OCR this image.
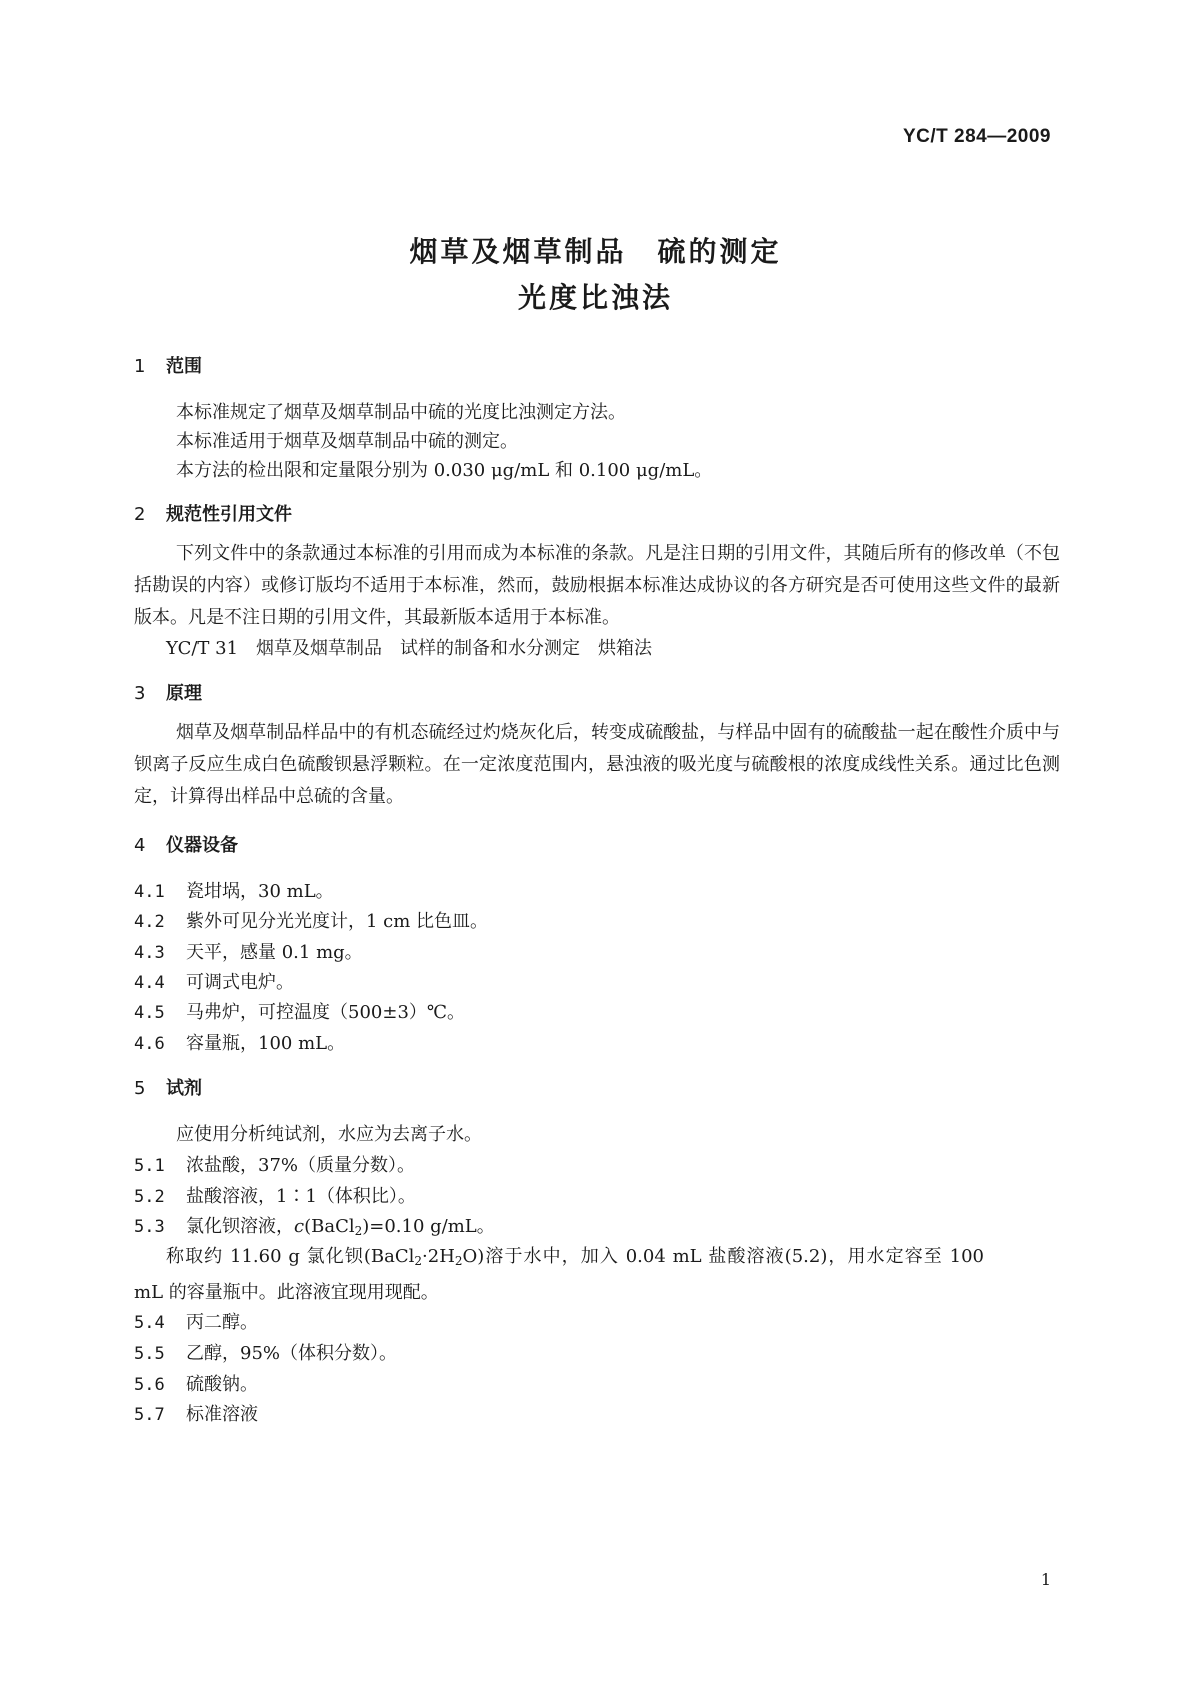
YC/T 284—2009
烟草及烟草制品　硫的测定
光度比浊法
1 范围
本标准规定了烟草及烟草制品中硫的光度比浊测定方法。
本标准适用于烟草及烟草制品中硫的测定。
本方法的检出限和定量限分别为 0.030 μg/mL 和 0.100 μg/mL。
2 规范性引用文件
下列文件中的条款通过本标准的引用而成为本标准的条款。凡是注日期的引用文件，其随后所有的修改单（不包括勘误的内容）或修订版均不适用于本标准，然而，鼓励根据本标准达成协议的各方研究是否可使用这些文件的最新版本。凡是不注日期的引用文件，其最新版本适用于本标准。
YC/T 31　烟草及烟草制品　试样的制备和水分测定　烘箱法
3 原理
烟草及烟草制品样品中的有机态硫经过灼烧灰化后，转变成硫酸盐，与样品中固有的硫酸盐一起在酸性介质中与钡离子反应生成白色硫酸钡悬浮颗粒。在一定浓度范围内，悬浊液的吸光度与硫酸根的浓度成线性关系。通过比色测定，计算得出样品中总硫的含量。
4 仪器设备
4.1 瓷坩埚，30 mL。
4.2 紫外可见分光光度计，1 cm 比色皿。
4.3 天平，感量 0.1 mg。
4.4 可调式电炉。
4.5 马弗炉，可控温度（500±3）℃。
4.6 容量瓶，100 mL。
5 试剂
应使用分析纯试剂，水应为去离子水。
5.1 浓盐酸，37%（质量分数）。
5.2 盐酸溶液，1∶1（体积比）。
5.3 氯化钡溶液，c(BaCl$_2$)=0.10 g/mL。
称取约 11.60 g 氯化钡$(BaCl_2\cdot 2H_2O)$溶于水中，加入 0.04 mL 盐酸溶液(5.2)，用水定容至 100 mL 的容量瓶中。此溶液宜现用现配。
5.4 丙二醇。
5.5 乙醇，95%（体积分数）。
5.6 硫酸钠。
5.7 标准溶液
1
